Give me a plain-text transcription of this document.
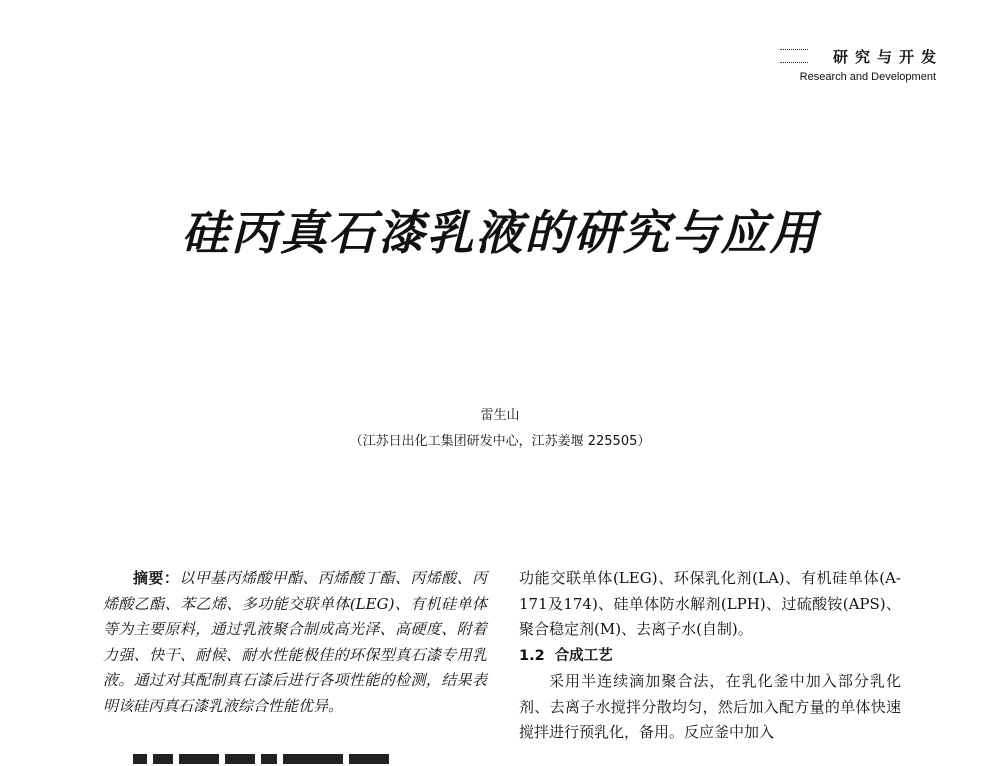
研究与开发
Research and Development
硅丙真石漆乳液的研究与应用
雷生山
（江苏日出化工集团研发中心，江苏姜堰 225505）

摘要：以甲基丙烯酸甲酯、丙烯酸丁酯、丙烯酸、丙烯酸乙酯、苯乙烯、多功能交联单体(LEG)、有机硅单体等为主要原料，通过乳液聚合制成高光泽、高硬度、附着力强、快干、耐候、耐水性能极佳的环保型真石漆专用乳液。通过对其配制真石漆后进行各项性能的检测，结果表明该硅丙真石漆乳液综合性能优异。

功能交联单体(LEG)、环保乳化剂(LA)、有机硅单体(A-171及174)、硅单体防水解剂(LPH)、过硫酸铵(APS)、聚合稳定剂(M)、去离子水(自制)。

1.2 合成工艺

采用半连续滴加聚合法，在乳化釜中加入部分乳化剂、去离子水搅拌分散均匀，然后加入配方量的单体快速搅拌进行预乳化，备用。反应釜中加入
